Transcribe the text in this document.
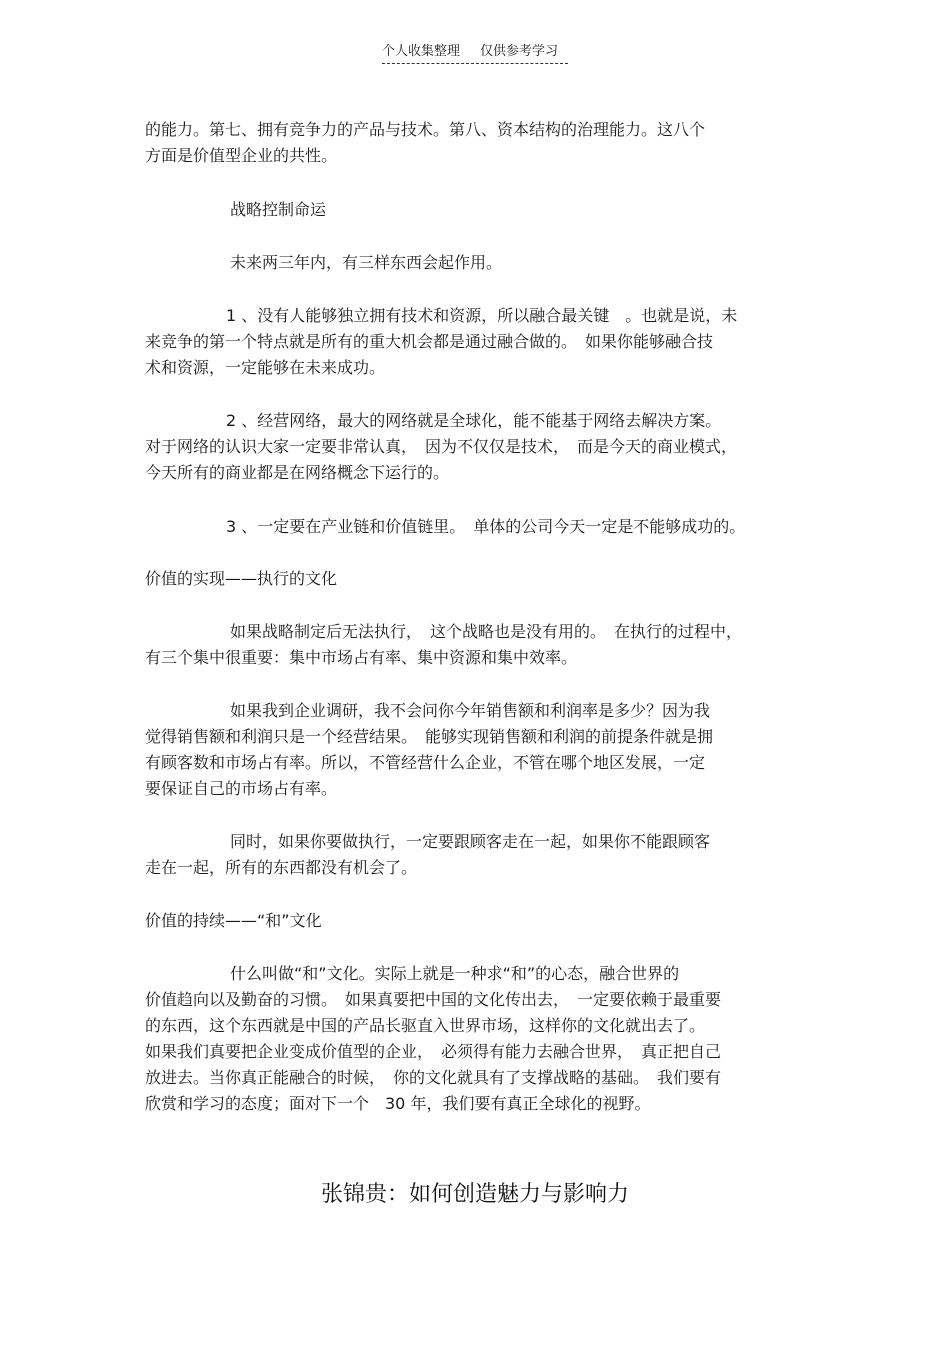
个人收集整理 仅供参考学习
的能力。第七、拥有竞争力的产品与技术。第八、资本结构的治理能力。这八个
方面是价值型企业的共性。
战略控制命运
未来两三年内，有三样东西会起作用。
1 、没有人能够独立拥有技术和资源，所以融合最关键　。也就是说，未
来竞争的第一个特点就是所有的重大机会都是通过融合做的。　如果你能够融合技
术和资源，一定能够在未来成功。
2 、经营网络，最大的网络就是全球化，能不能基于网络去解决方案。
对于网络的认识大家一定要非常认真，　因为不仅仅是技术，　而是今天的商业模式，
今天所有的商业都是在网络概念下运行的。
3 、一定要在产业链和价值链里。　单体的公司今天一定是不能够成功的。
价值的实现——执行的文化
如果战略制定后无法执行，　这个战略也是没有用的。　在执行的过程中，
有三个集中很重要：集中市场占有率、集中资源和集中效率。
如果我到企业调研，我不会问你今年销售额和利润率是多少？因为我
觉得销售额和利润只是一个经营结果。　能够实现销售额和利润的前提条件就是拥
有顾客数和市场占有率。所以，不管经营什么企业，不管在哪个地区发展，一定
要保证自己的市场占有率。
同时，如果你要做执行，一定要跟顾客走在一起，如果你不能跟顾客
走在一起，所有的东西都没有机会了。
价值的持续——“和”文化
什么叫做“和”文化。实际上就是一种求“和”的心态，融合世界的
价值趋向以及勤奋的习惯。　如果真要把中国的文化传出去，　一定要依赖于最重要
的东西，这个东西就是中国的产品长驱直入世界市场，这样你的文化就出去了。
如果我们真要把企业变成价值型的企业，　必须得有能力去融合世界，　真正把自己
放进去。当你真正能融合的时候，　你的文化就具有了支撑战略的基础。　我们要有
欣赏和学习的态度；面对下一个　30 年，我们要有真正全球化的视野。
张锦贵：如何创造魅力与影响力
